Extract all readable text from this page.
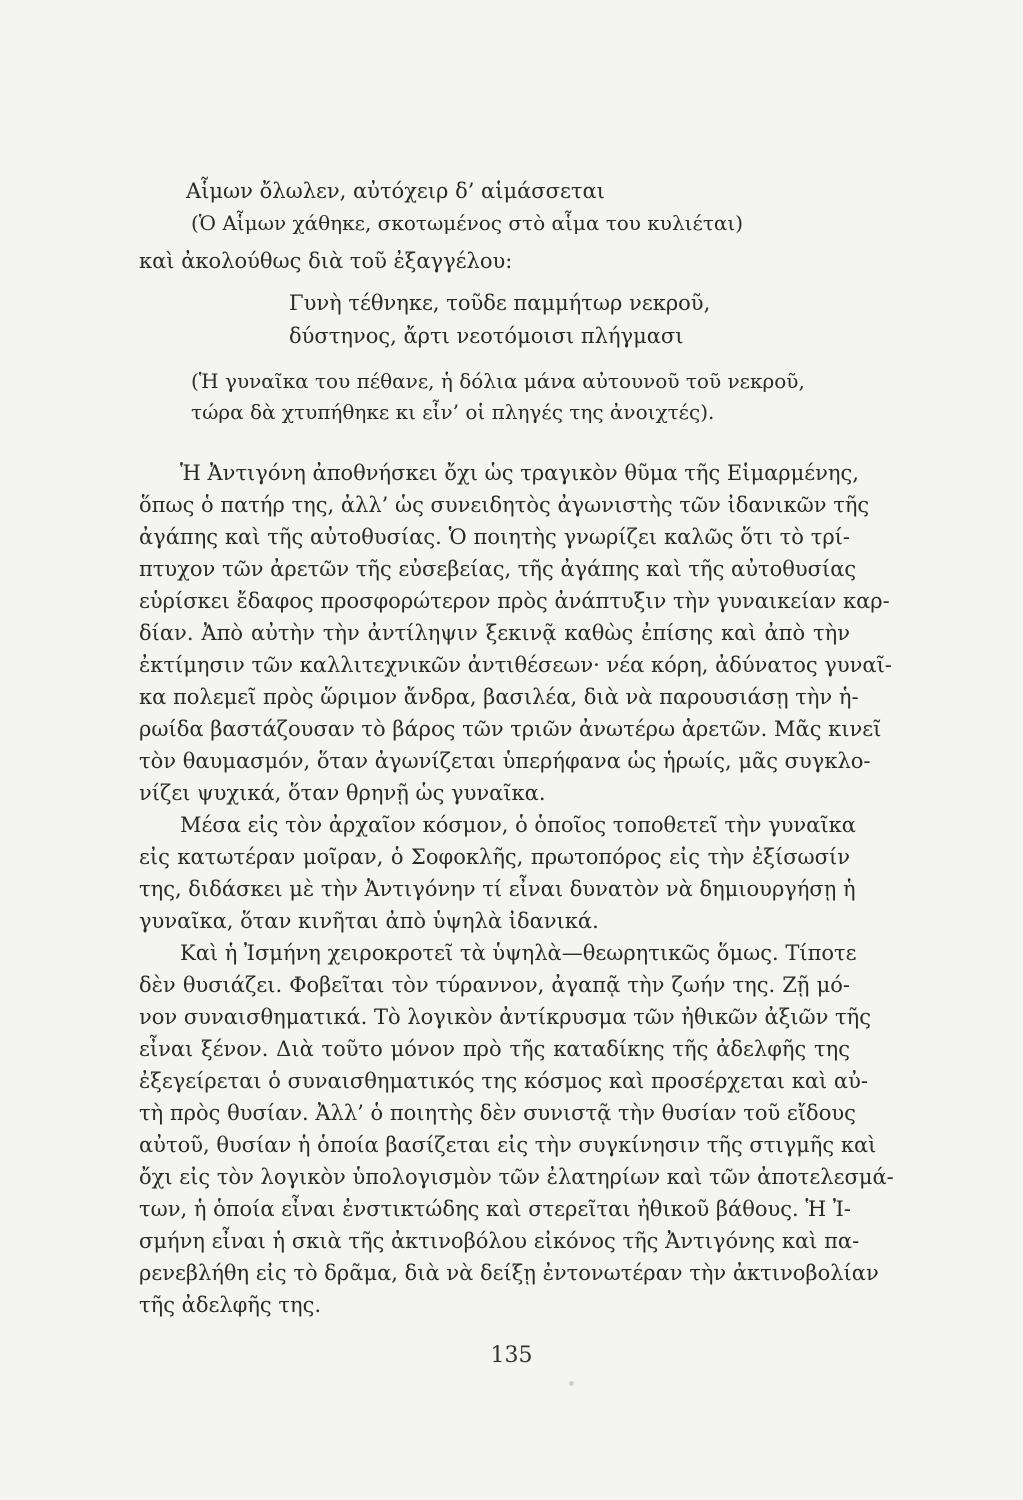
Αἷμων ὄλωλεν, αὐτόχειρ δ’ αἱμάσσεται
(Ὁ Αἷμων χάθηκε, σκοτωμένος στὸ αἷμα του κυλιέται)
καὶ ἀκολούθως διὰ τοῦ ἐξαγγέλου:
Γυνὴ τέθνηκε, τοῦδε παμμήτωρ νεκροῦ,
δύστηνος, ἄρτι νεοτόμοισι πλήγμασι
(Ἡ γυναῖκα του πέθανε, ἡ δόλια μάνα αὐτουνοῦ τοῦ νεκροῦ,
τώρα δὰ χτυπήθηκε κι εἶν’ οἱ πληγές της ἀνοιχτές).
Ἡ Ἀντιγόνη ἀποθνήσκει ὄχι ὡς τραγικὸν θῦμα τῆς Εἱμαρμένης,
ὅπως ὁ πατήρ της, ἀλλ’ ὡς συνειδητὸς ἀγωνιστὴς τῶν ἰδανικῶν τῆς
ἀγάπης καὶ τῆς αὐτοθυσίας. Ὁ ποιητὴς γνωρίζει καλῶς ὅτι τὸ τρί-
πτυχον τῶν ἀρετῶν τῆς εὐσεβείας, τῆς ἀγάπης καὶ τῆς αὐτοθυσίας
εὑρίσκει ἔδαφος προσφορώτερον πρὸς ἀνάπτυξιν τὴν γυναικείαν καρ-
δίαν. Ἀπὸ αὐτὴν τὴν ἀντίληψιν ξεκινᾷ καθὼς ἐπίσης καὶ ἀπὸ τὴν
ἐκτίμησιν τῶν καλλιτεχνικῶν ἀντιθέσεων· νέα κόρη, ἀδύνατος γυναῖ-
κα πολεμεῖ πρὸς ὥριμον ἄνδρα, βασιλέα, διὰ νὰ παρουσιάσῃ τὴν ἡ-
ρωίδα βαστάζουσαν τὸ βάρος τῶν τριῶν ἀνωτέρω ἀρετῶν. Μᾶς κινεῖ
τὸν θαυμασμόν, ὅταν ἀγωνίζεται ὑπερήφανα ὡς ἡρωίς, μᾶς συγκλο-
νίζει ψυχικά, ὅταν θρηνῇ ὡς γυναῖκα.
Μέσα εἰς τὸν ἀρχαῖον κόσμον, ὁ ὁποῖος τοποθετεῖ τὴν γυναῖκα
εἰς κατωτέραν μοῖραν, ὁ Σοφοκλῆς, πρωτοπόρος εἰς τὴν ἐξίσωσίν
της, διδάσκει μὲ τὴν Ἀντιγόνην τί εἶναι δυνατὸν νὰ δημιουργήσῃ ἡ
γυναῖκα, ὅταν κινῆται ἀπὸ ὑψηλὰ ἰδανικά.
Καὶ ἡ Ἰσμήνη χειροκροτεῖ τὰ ὑψηλὰ—θεωρητικῶς ὅμως. Τίποτε
δὲν θυσιάζει. Φοβεῖται τὸν τύραννον, ἀγαπᾷ τὴν ζωήν της. Ζῇ μό-
νον συναισθηματικά. Τὸ λογικὸν ἀντίκρυσμα τῶν ἠθικῶν ἀξιῶν τῆς
εἶναι ξένον. Διὰ τοῦτο μόνον πρὸ τῆς καταδίκης τῆς ἀδελφῆς της
ἐξεγείρεται ὁ συναισθηματικός της κόσμος καὶ προσέρχεται καὶ αὐ-
τὴ πρὸς θυσίαν. Ἀλλ’ ὁ ποιητὴς δὲν συνιστᾷ τὴν θυσίαν τοῦ εἴδους
αὐτοῦ, θυσίαν ἡ ὁποία βασίζεται εἰς τὴν συγκίνησιν τῆς στιγμῆς καὶ
ὄχι εἰς τὸν λογικὸν ὑπολογισμὸν τῶν ἐλατηρίων καὶ τῶν ἀποτελεσμά-
των, ἡ ὁποία εἶναι ἐνστικτώδης καὶ στερεῖται ἠθικοῦ βάθους. Ἡ Ἰ-
σμήνη εἶναι ἡ σκιὰ τῆς ἀκτινοβόλου εἰκόνος τῆς Ἀντιγόνης καὶ πα-
ρενεβλήθη εἰς τὸ δρᾶμα, διὰ νὰ δείξῃ ἐντονωτέραν τὴν ἀκτινοβολίαν
τῆς ἀδελφῆς της.
135
